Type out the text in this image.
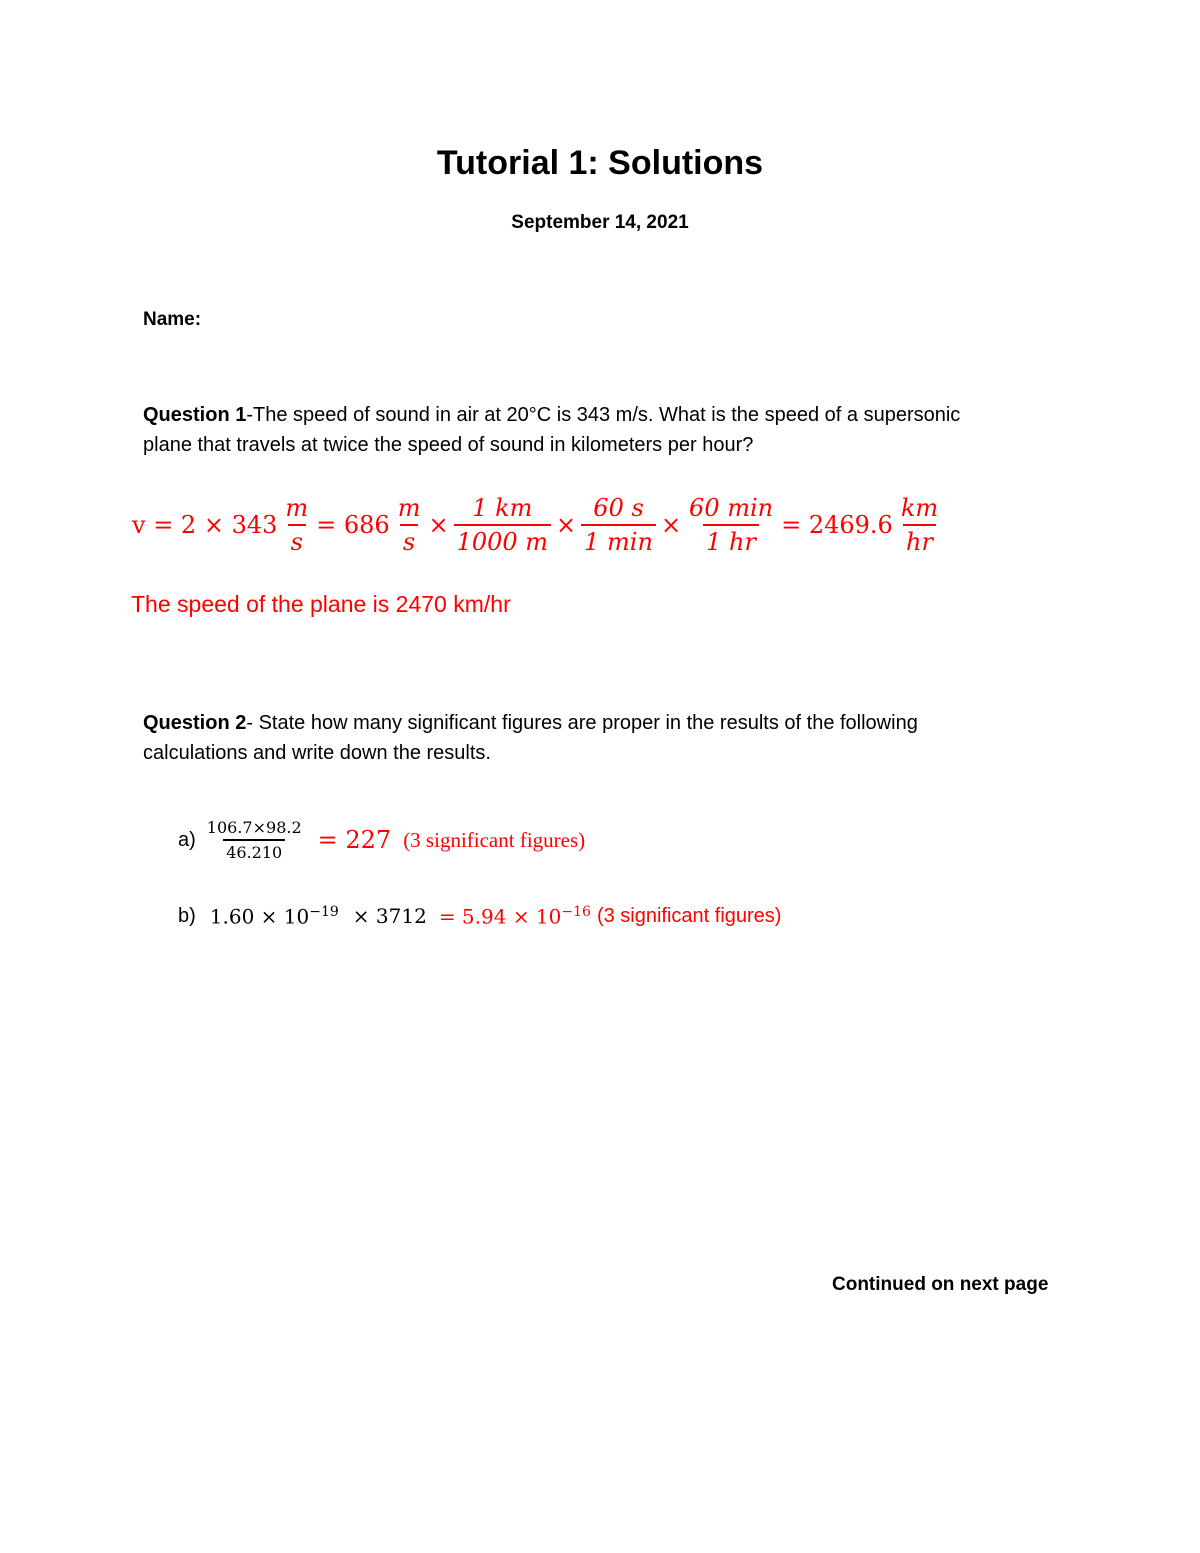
Tutorial 1: Solutions
September 14, 2021
Name:
Question 1-The speed of sound in air at 20°C is 343 m/s. What is the speed of a supersonic
plane that travels at twice the speed of sound in kilometers per hour?
$v = 2 \times 343 \frac{m}{s} = 686 \frac{m}{s} \times \frac{1 km}{1000 m} \times \frac{60 s}{1 \min} \times \frac{60 \min}{1 hr} = 2469.6 \frac{km}{hr}$
The speed of the plane is 2470 km/hr
Question 2- State how many significant figures are proper in the results of the following
calculations and write down the results.
$a) \frac{106.7\times 98.2}{46.210} = 227$ (3 significant figures)
b) $1.60 \times 10^{-19} \times 3712 = 5.94 \times 10^{-16}$ (3 significant figures)
Continued on next page
